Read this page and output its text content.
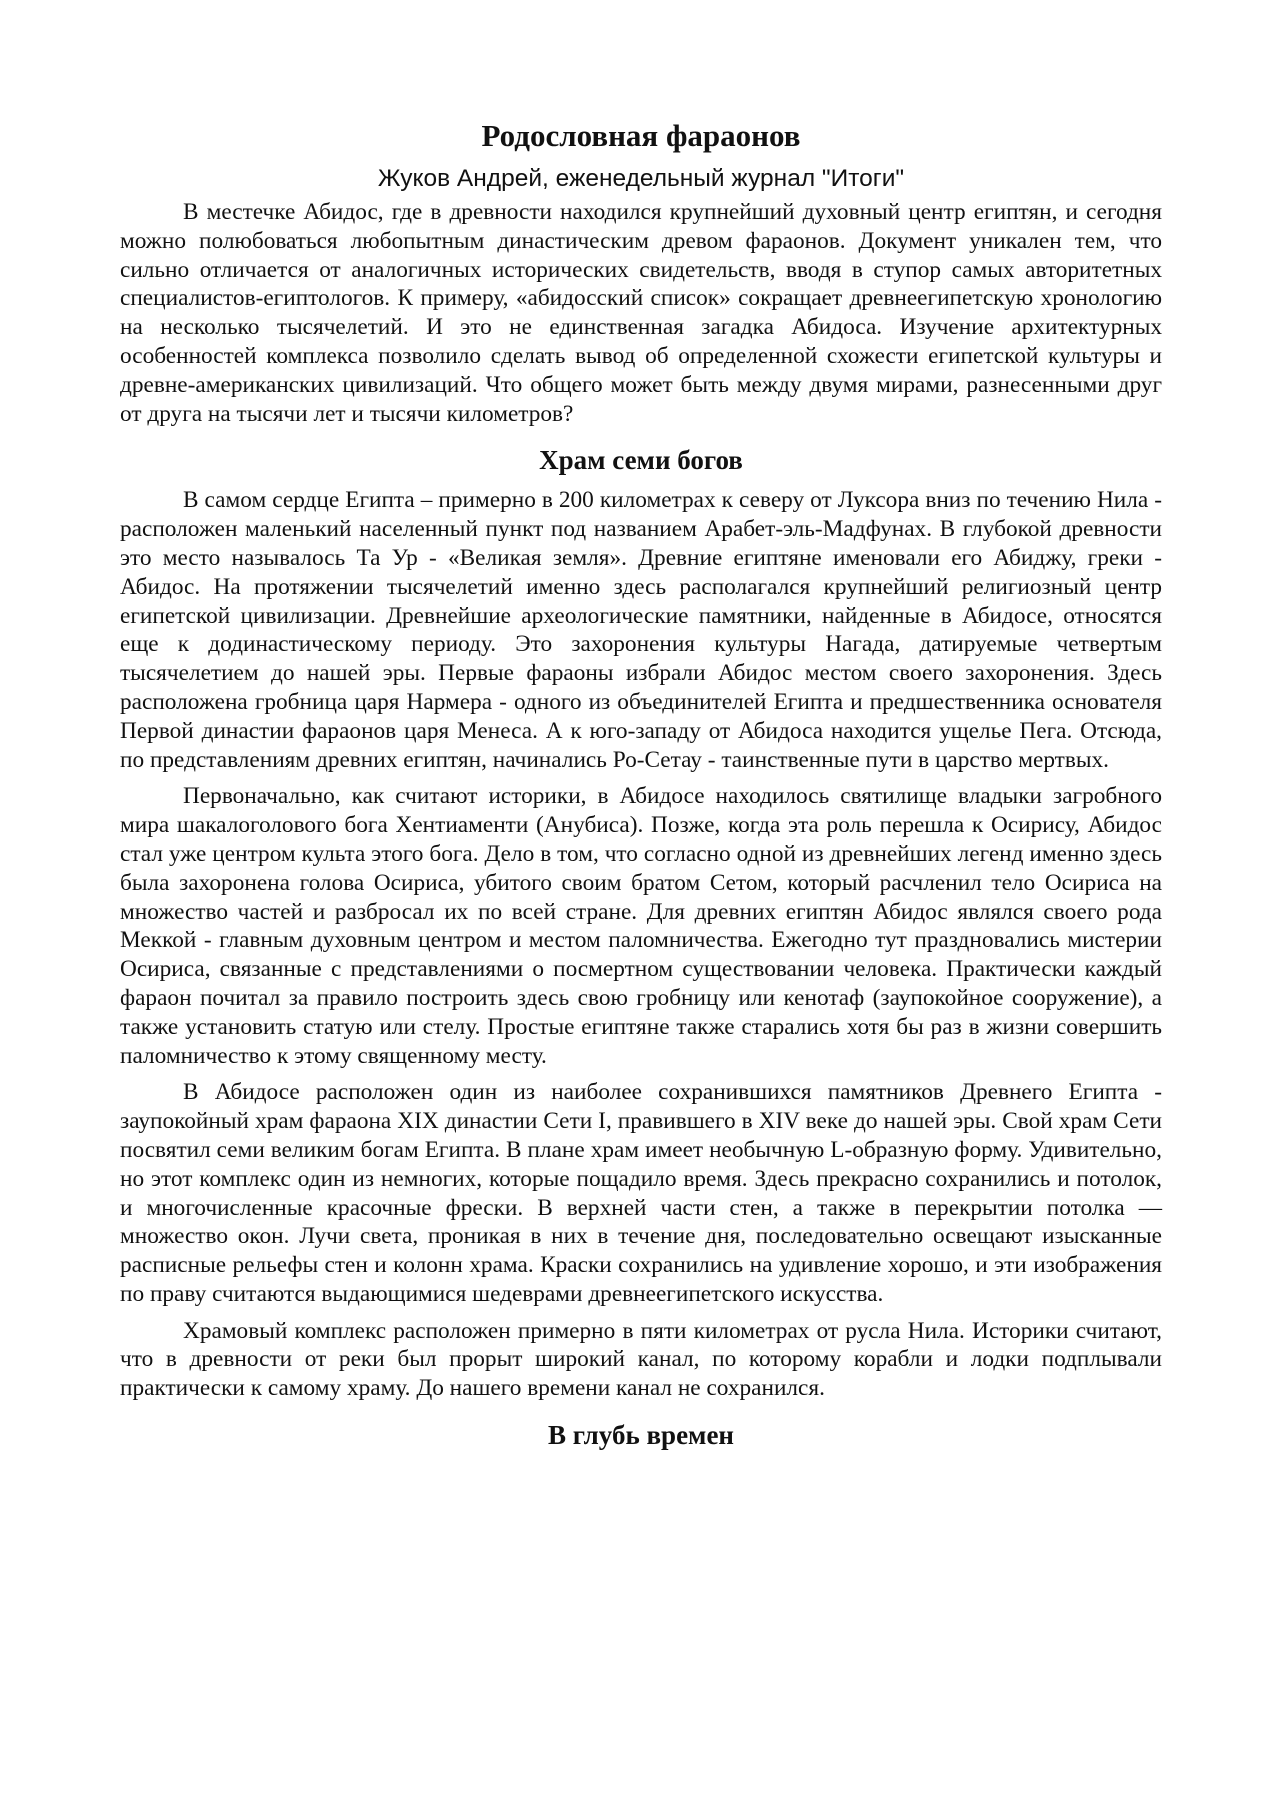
Родословная фараонов
Жуков Андрей, еженедельный журнал "Итоги"

В местечке Абидос, где в древности находился крупнейший духовный центр египтян, и сегодня можно полюбоваться любопытным династическим древом фараонов. Документ уникален тем, что сильно отличается от аналогичных исторических свидетельств, вводя в ступор самых авторитетных специалистов-египтологов. К примеру, «абидосский список» сокращает древнеегипетскую хронологию на несколько тысячелетий. И это не единственная загадка Абидоса. Изучение архитектурных особенностей комплекса позволило сделать вывод об определенной схожести египетской культуры и древне-американских цивилизаций. Что общего может быть между двумя мирами, разнесенными друг от друга на тысячи лет и тысячи километров?

Храм семи богов

В самом сердце Египта – примерно в 200 километрах к северу от Луксора вниз по течению Нила - расположен маленький населенный пункт под названием Арабет-эль-Мадфунах. В глубокой древности это место называлось Та Ур - «Великая земля». Древние египтяне именовали его Абиджу, греки - Абидос. На протяжении тысячелетий именно здесь располагался крупнейший религиозный центр египетской цивилизации. Древнейшие археологические памятники, найденные в Абидосе, относятся еще к додинастическому периоду. Это захоронения культуры Нагада, датируемые четвертым тысячелетием до нашей эры. Первые фараоны избрали Абидос местом своего захоронения. Здесь расположена гробница царя Нармера - одного из объединителей Египта и предшественника основателя Первой династии фараонов царя Менеса. А к юго-западу от Абидоса находится ущелье Пега. Отсюда, по представлениям древних египтян, начинались Ро-Сетау - таинственные пути в царство мертвых.

Первоначально, как считают историки, в Абидосе находилось святилище владыки загробного мира шакалоголового бога Хентиаменти (Анубиса). Позже, когда эта роль перешла к Осирису, Абидос стал уже центром культа этого бога. Дело в том, что согласно одной из древнейших легенд именно здесь была захоронена голова Осириса, убитого своим братом Сетом, который расчленил тело Осириса на множество частей и разбросал их по всей стране. Для древних египтян Абидос являлся своего рода Меккой - главным духовным центром и местом паломничества. Ежегодно тут праздновались мистерии Осириса, связанные с представлениями о посмертном существовании человека. Практически каждый фараон почитал за правило построить здесь свою гробницу или кенотаф (заупокойное сооружение), а также установить статую или стелу. Простые египтяне также старались хотя бы раз в жизни совершить паломничество к этому священному месту.

В Абидосе расположен один из наиболее сохранившихся памятников Древнего Египта - заупокойный храм фараона XIX династии Сети I, правившего в XIV веке до нашей эры. Свой храм Сети посвятил семи великим богам Египта. В плане храм имеет необычную L-образную форму. Удивительно, но этот комплекс один из немногих, которые пощадило время. Здесь прекрасно сохранились и потолок, и многочисленные красочные фрески. В верхней части стен, а также в перекрытии потолка — множество окон. Лучи света, проникая в них в течение дня, последовательно освещают изысканные расписные рельефы стен и колонн храма. Краски сохранились на удивление хорошо, и эти изображения по праву считаются выдающимися шедеврами древнеегипетского искусства.

Храмовый комплекс расположен примерно в пяти километрах от русла Нила. Историки считают, что в древности от реки был прорыт широкий канал, по которому корабли и лодки подплывали практически к самому храму. До нашего времени канал не сохранился.

В глубь времен
